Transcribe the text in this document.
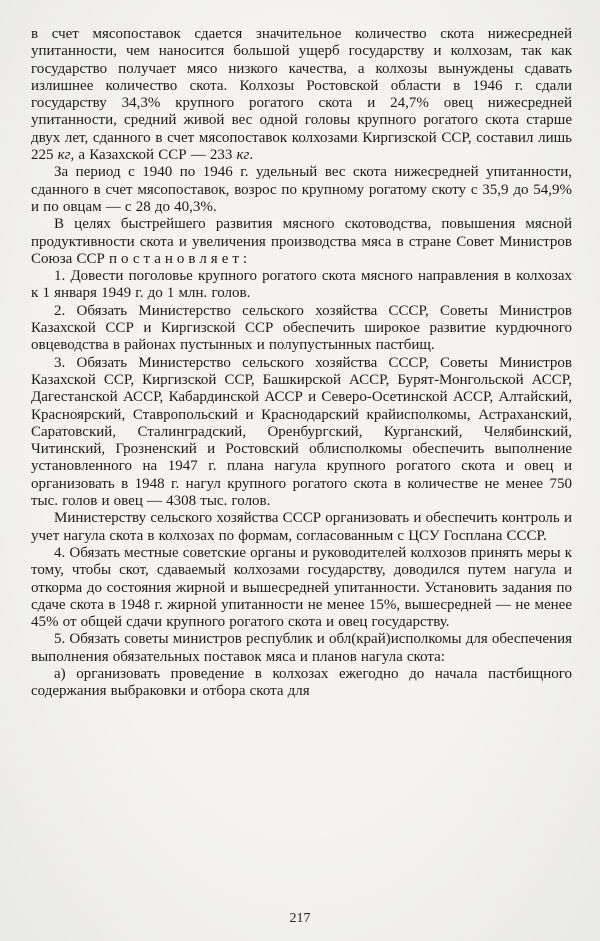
в счет мясопоставок сдается значительное количество скота нижесредней упитанности, чем наносится большой ущерб государству и колхозам, так как государство получает мясо низкого качества, а колхозы вынуждены сдавать излишнее количество скота. Колхозы Ростовской области в 1946 г. сдали государству 34,3% крупного рогатого скота и 24,7% овец нижесредней упитанности, средний живой вес одной головы крупного рогатого скота старше двух лет, сданного в счет мясопоставок колхозами Киргизской ССР, составил лишь 225 кг, а Казахской ССР — 233 кг.

За период с 1940 по 1946 г. удельный вес скота нижесредней упитанности, сданного в счет мясопоставок, возрос по крупному рогатому скоту с 35,9 до 54,9% и по овцам — с 28 до 40,3%.

В целях быстрейшего развития мясного скотоводства, повышения мясной продуктивности скота и увеличения производства мяса в стране Совет Министров Союза ССР постановляет:

1. Довести поголовье крупного рогатого скота мясного направления в колхозах к 1 января 1949 г. до 1 млн. голов.

2. Обязать Министерство сельского хозяйства СССР, Советы Министров Казахской ССР и Киргизской ССР обеспечить широкое развитие курдючного овцеводства в районах пустынных и полупустынных пастбищ.

3. Обязать Министерство сельского хозяйства СССР, Советы Министров Казахской ССР, Киргизской ССР, Башкирской АССР, Бурят-Монгольской АССР, Дагестанской АССР, Кабардинской АССР и Северо-Осетинской АССР, Алтайский, Красноярский, Ставропольский и Краснодарский крайисполкомы, Астраханский, Саратовский, Сталинградский, Оренбургский, Курганский, Челябинский, Читинский, Грозненский и Ростовский облисполкомы обеспечить выполнение установленного на 1947 г. плана нагула крупного рогатого скота и овец и организовать в 1948 г. нагул крупного рогатого скота в количестве не менее 750 тыс. голов и овец — 4308 тыс. голов.

Министерству сельского хозяйства СССР организовать и обеспечить контроль и учет нагула скота в колхозах по формам, согласованным с ЦСУ Госплана СССР.

4. Обязать местные советские органы и руководителей колхозов принять меры к тому, чтобы скот, сдаваемый колхозами государству, доводился путем нагула и откорма до состояния жирной и вышесредней упитанности. Установить задания по сдаче скота в 1948 г. жирной упитанности не менее 15%, вышесредней — не менее 45% от общей сдачи крупного рогатого скота и овец государству.

5. Обязать советы министров республик и обл(край)исполкомы для обеспечения выполнения обязательных поставок мяса и планов нагула скота:

а) организовать проведение в колхозах ежегодно до начала пастбищного содержания выбраковки и отбора скота для

217
